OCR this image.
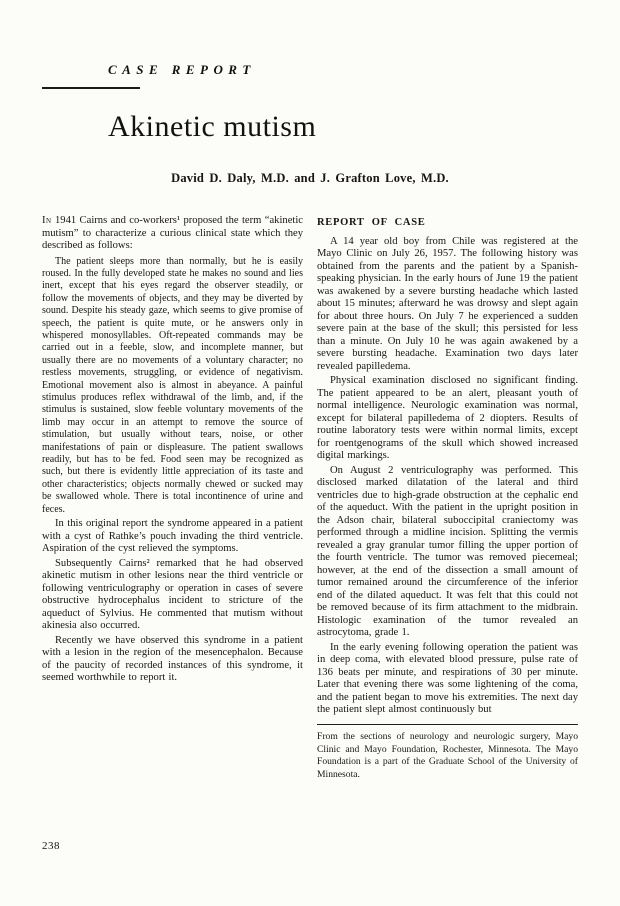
CASE REPORT
Akinetic mutism
David D. Daly, M.D. and J. Grafton Love, M.D.

In 1941 Cairns and co-workers¹ proposed the term “akinetic mutism” to characterize a curious clinical state which they described as follows:

The patient sleeps more than normally, but he is easily roused. In the fully developed state he makes no sound and lies inert, except that his eyes regard the observer steadily, or follow the movements of objects, and they may be diverted by sound. Despite his steady gaze, which seems to give promise of speech, the patient is quite mute, or he answers only in whispered monosyllables. Oft-repeated commands may be carried out in a feeble, slow, and incomplete manner, but usually there are no movements of a voluntary character; no restless movements, struggling, or evidence of negativism. Emotional movement also is almost in abeyance. A painful stimulus produces reflex withdrawal of the limb, and, if the stimulus is sustained, slow feeble voluntary movements of the limb may occur in an attempt to remove the source of stimulation, but usually without tears, noise, or other manifestations of pain or displeasure. The patient swallows readily, but has to be fed. Food seen may be recognized as such, but there is evidently little appreciation of its taste and other characteristics; objects normally chewed or sucked may be swallowed whole. There is total incontinence of urine and feces.

In this original report the syndrome appeared in a patient with a cyst of Rathke’s pouch invading the third ventricle. Aspiration of the cyst relieved the symptoms.

Subsequently Cairns² remarked that he had observed akinetic mutism in other lesions near the third ventricle or following ventriculography or operation in cases of severe obstructive hydrocephalus incident to stricture of the aqueduct of Sylvius. He commented that mutism without akinesia also occurred.

Recently we have observed this syndrome in a patient with a lesion in the region of the mesencephalon. Because of the paucity of recorded instances of this syndrome, it seemed worthwhile to report it.

REPORT OF CASE

A 14 year old boy from Chile was registered at the Mayo Clinic on July 26, 1957. The following history was obtained from the parents and the patient by a Spanish-speaking physician. In the early hours of June 19 the patient was awakened by a severe bursting headache which lasted about 15 minutes; afterward he was drowsy and slept again for about three hours. On July 7 he experienced a sudden severe pain at the base of the skull; this persisted for less than a minute. On July 10 he was again awakened by a severe bursting headache. Examination two days later revealed papilledema.

Physical examination disclosed no significant finding. The patient appeared to be an alert, pleasant youth of normal intelligence. Neurologic examination was normal, except for bilateral papilledema of 2 diopters. Results of routine laboratory tests were within normal limits, except for roentgenograms of the skull which showed increased digital markings.

On August 2 ventriculography was performed. This disclosed marked dilatation of the lateral and third ventricles due to high-grade obstruction at the cephalic end of the aqueduct. With the patient in the upright position in the Adson chair, bilateral suboccipital craniectomy was performed through a midline incision. Splitting the vermis revealed a gray granular tumor filling the upper portion of the fourth ventricle. The tumor was removed piecemeal; however, at the end of the dissection a small amount of tumor remained around the circumference of the inferior end of the dilated aqueduct. It was felt that this could not be removed because of its firm attachment to the midbrain. Histologic examination of the tumor revealed an astrocytoma, grade 1.

In the early evening following operation the patient was in deep coma, with elevated blood pressure, pulse rate of 136 beats per minute, and respirations of 30 per minute. Later that evening there was some lightening of the coma, and the patient began to move his extremities. The next day the patient slept almost continuously but

From the sections of neurology and neurologic surgery, Mayo Clinic and Mayo Foundation, Rochester, Minnesota. The Mayo Foundation is a part of the Graduate School of the University of Minnesota.

238
